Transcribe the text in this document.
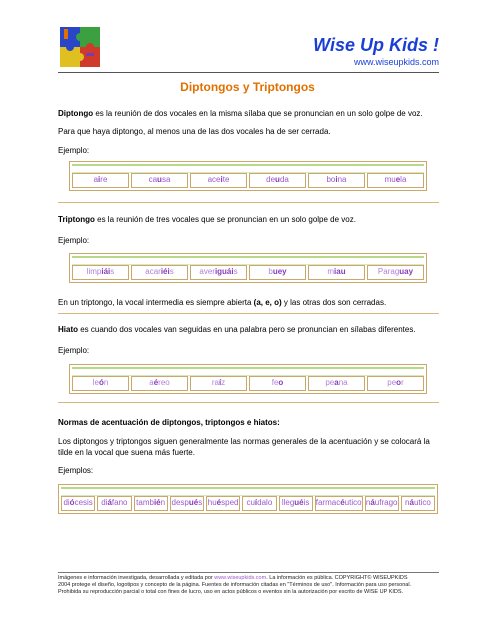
Wise Up Kids !
www.wiseupkids.com
Diptongos y Triptongos
Diptongo es la reunión de dos vocales en la misma sílaba que se pronuncian en un solo golpe de voz.
Para que haya diptongo, al menos una de las dos vocales ha de ser cerrada.
Ejemplo:
aire	causa	aceite	deuda	boina	muela
Triptongo es la reunión de tres vocales que se pronuncian en un solo golpe de voz.
Ejemplo:
limpiáis	acariéis	averiguáis	buey	miau	Paraguay
En un triptongo, la vocal intermedia es siempre abierta (a, e, o) y las otras dos son cerradas.
Hiato es cuando dos vocales van seguidas en una palabra pero se pronuncian en sílabas diferentes.
Ejemplo:
león	aéreo	raíz	feo	peana	peor
Normas de acentuación de diptongos, triptongos e hiatos:
Los diptongos y triptongos siguen generalmente las normas generales de la acentuación y se colocará la tilde en la vocal que suena más fuerte.
Ejemplos:
diócesis	diáfano	también después huésped cuídalo	lleguéis farmacéutico náufrago náutico
Imágenes e información investigada, desarrollada y editada por www.wiseupkids.com. La información es pública. COPYRIGHT© WISEUPKIDS
2004 protege el diseño, logotipos y concepto de la página. Fuentes de información citadas en "Términos de uso". Información para uso personal.
Prohibida su reproducción parcial o total con fines de lucro, uso en actos públicos o eventos sin la autorización por escrito de WISE UP KIDS.
